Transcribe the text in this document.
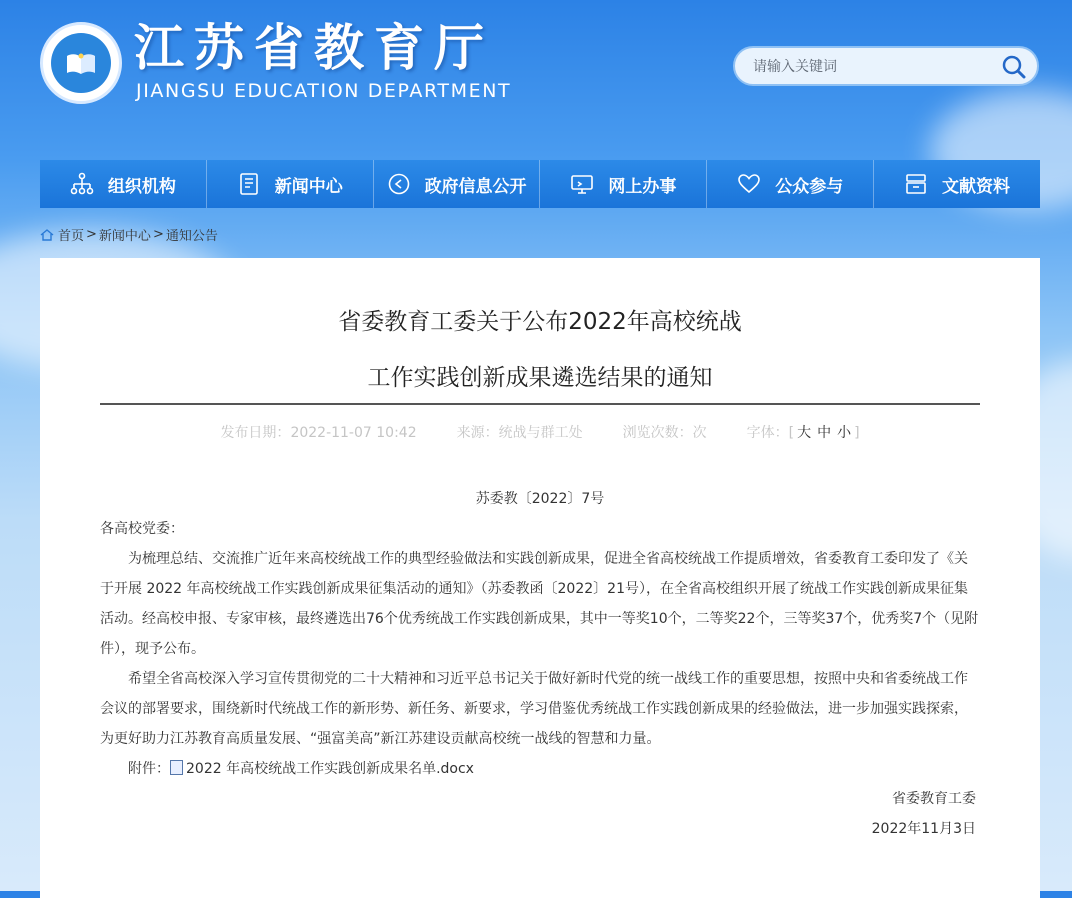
江苏省教育厅
JIANGSU EDUCATION DEPARTMENT
请输入关键词
组织机构	新闻中心	政府信息公开	网上办事	公众参与	文献资料
首页 > 新闻中心 > 通知公告
省委教育工委关于公布2022年高校统战
工作实践创新成果遴选结果的通知
发布日期：2022-11-07 10:42	来源：统战与群工处	浏览次数：次	字体：[ 大 中 小 ]
苏委教〔2022〕7号
各高校党委：
为梳理总结、交流推广近年来高校统战工作的典型经验做法和实践创新成果，促进全省高校统战工作提质增效，省委教育工委印发了《关于开展 2022 年高校统战工作实践创新成果征集活动的通知》（苏委教函〔2022〕21号），在全省高校组织开展了统战工作实践创新成果征集活动。经高校申报、专家审核，最终遴选出76个优秀统战工作实践创新成果，其中一等奖10个，二等奖22个，三等奖37个，优秀奖7个（见附件），现予公布。
希望全省高校深入学习宣传贯彻党的二十大精神和习近平总书记关于做好新时代党的统一战线工作的重要思想，按照中央和省委统战工作会议的部署要求，围绕新时代统战工作的新形势、新任务、新要求，学习借鉴优秀统战工作实践创新成果的经验做法，进一步加强实践探索，为更好助力江苏教育高质量发展、“强富美高”新江苏建设贡献高校统一战线的智慧和力量。
附件： 2022 年高校统战工作实践创新成果名单.docx
省委教育工委
2022年11月3日
